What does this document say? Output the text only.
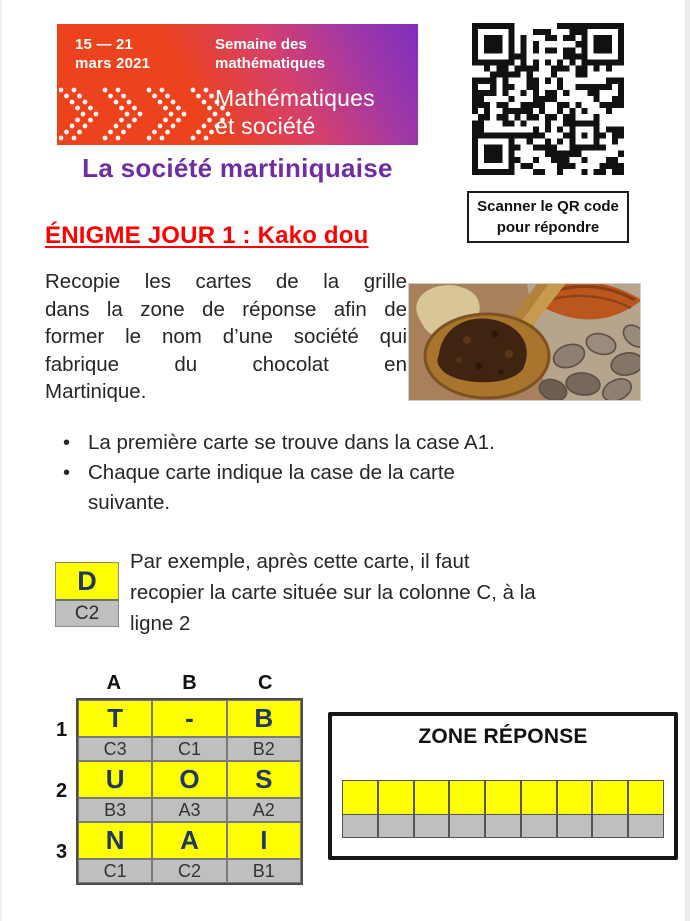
15 — 21
mars 2021
Semaine des
mathématiques
Mathématiques
et société
Scanner le QR code
pour répondre
La société martiniquaise
ÉNIGME JOUR 1 : Kako dou
Recopie les cartes de la grille
dans la zone de réponse afin de
former le nom d’une société qui
fabrique du chocolat en
Martinique.
• La première carte se trouve dans la case A1.
• Chaque carte indique la case de la carte
suivante.
D
C2
Par exemple, après cette carte, il faut
recopier la carte située sur la colonne C, à la
ligne 2
A	B	C
1	T	-	B
C3	C1	B2
2	U	O	S
B3	A3	A2
3	N	A	I
C1	C2	B1
ZONE RÉPONSE
